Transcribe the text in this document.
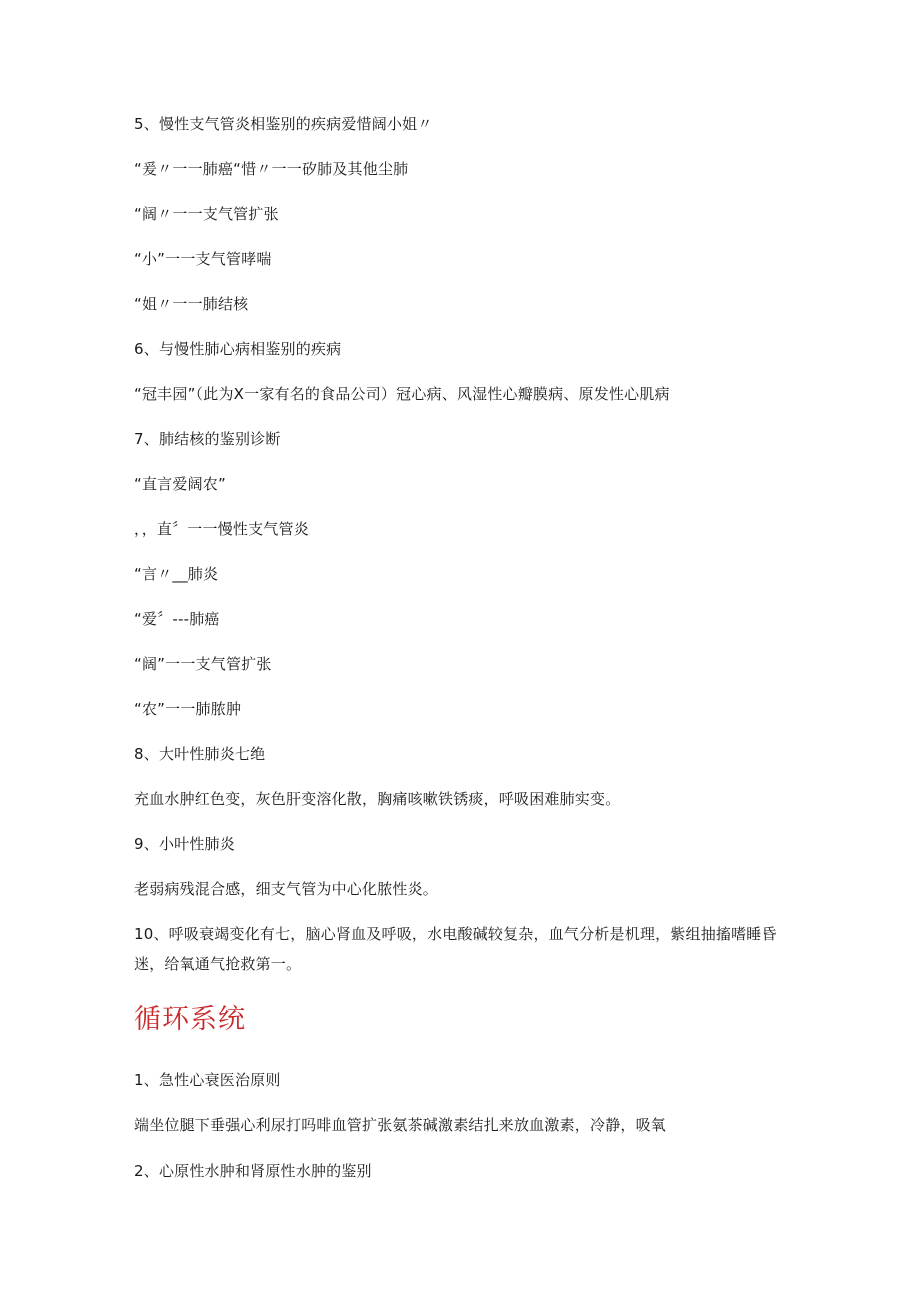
5、慢性支气管炎相鉴别的疾病爱惜阔小姐〃
“爰〃一一肺癌“惜〃一一矽肺及其他尘肺
“阔〃一一支气管扩张
“小”一一支气管哮喘
“姐〃一一肺结核
6、与慢性肺心病相鉴别的疾病
“冠丰园”（此为X一家有名的食品公司）冠心病、风湿性心瓣膜病、原发性心肌病
7、肺结核的鉴别诊断
“直言爱阔农”
，，直〞一一慢性支气管炎
“言〃__肺炎
“爱〞---肺癌
“阔”一一支气管扩张
“农”一一肺脓肿
8、大叶性肺炎七绝
充血水肿红色变，灰色肝变溶化散，胸痛咳嗽铁锈痰，呼吸困难肺实变。
9、小叶性肺炎
老弱病残混合感，细支气管为中心化脓性炎。
10、呼吸衰竭变化有七，脑心肾血及呼吸，水电酸碱较复杂，血气分析是机理，紫组抽搐嗜睡昏迷，给氧通气抢救第一。
循环系统
1、急性心衰医治原则
端坐位腿下垂强心利尿打吗啡血管扩张氨茶碱激素结扎来放血激素，冷静，吸氧
2、心原性水肿和肾原性水肿的鉴别
